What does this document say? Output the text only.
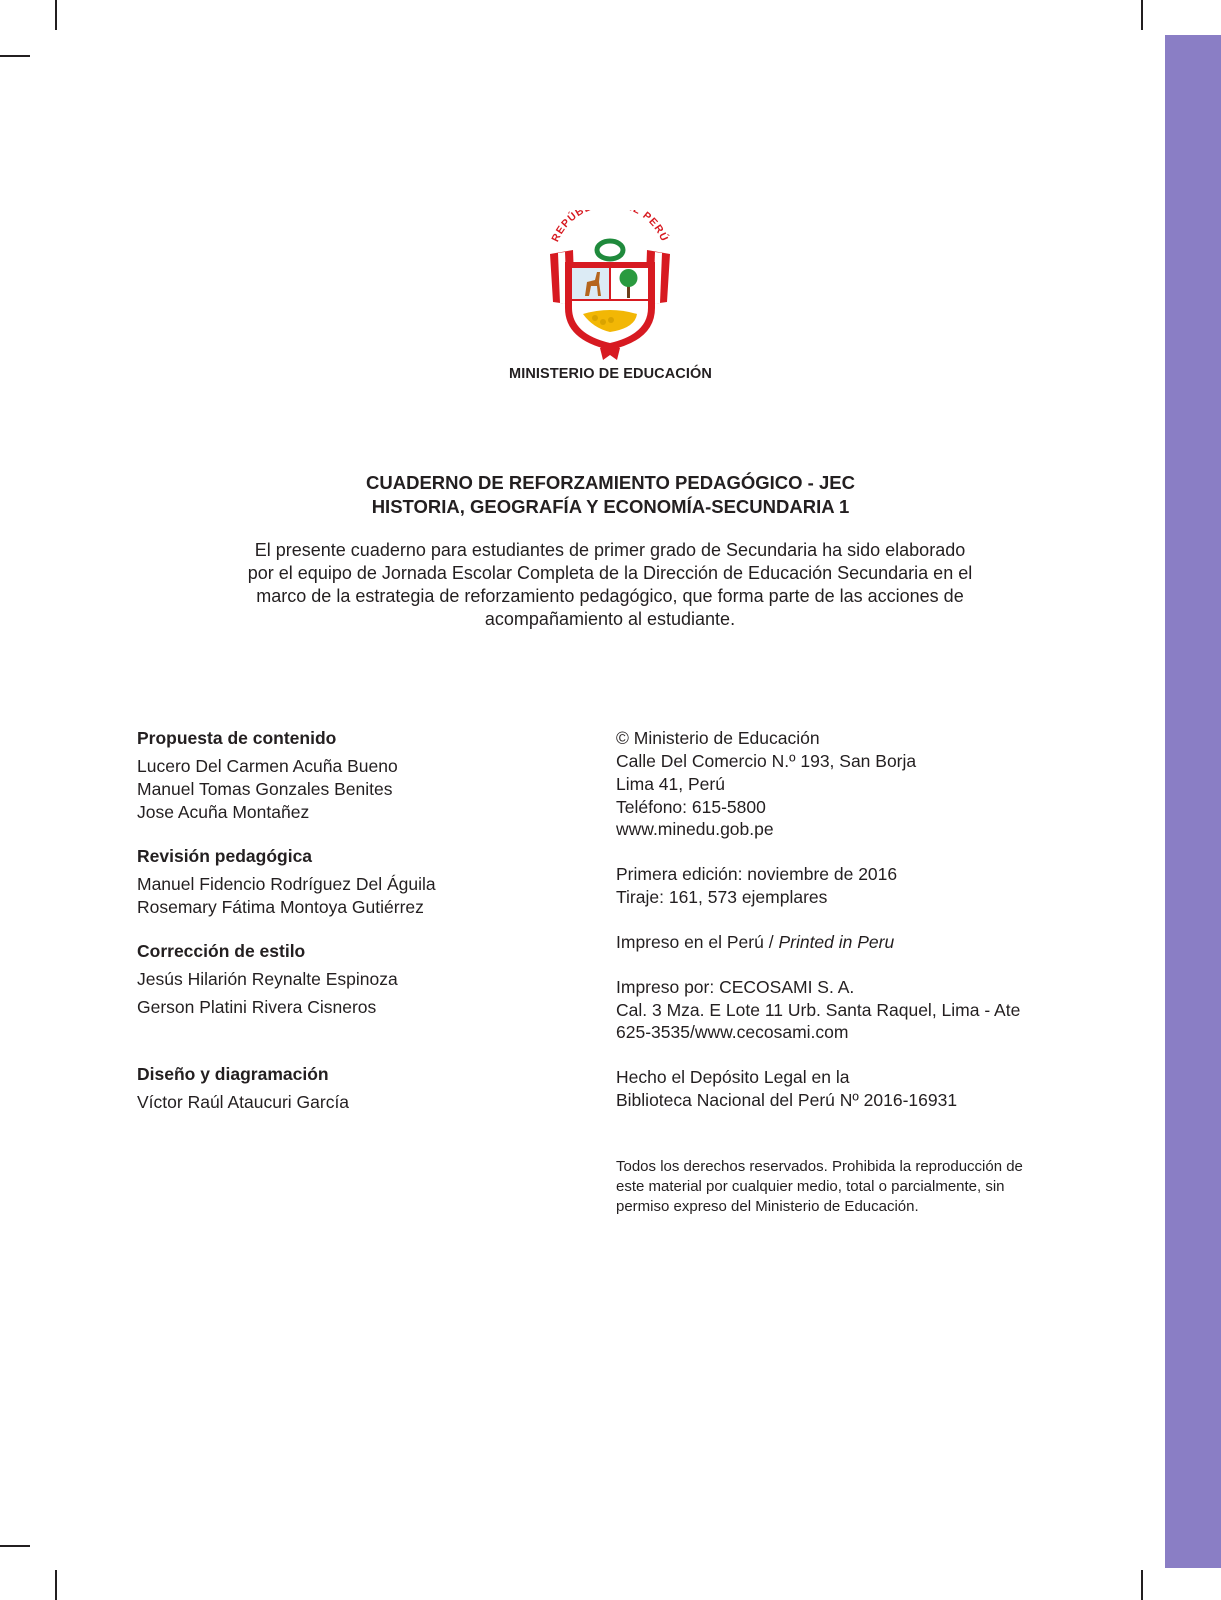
REPÚB L PERÚ
MINISTERIO DE EDUCACIÓN
CUADERNO DE REFORZAMIENTO PEDAGÓGICO - JEC
HISTORIA, GEOGRAFÍA Y ECONOMÍA-SECUNDARIA 1
El presente cuaderno para estudiantes de primer grado de Secundaria ha sido elaborado
por el equipo de Jornada Escolar Completa de la Dirección de Educación Secundaria en el
marco de la estrategia de reforzamiento pedagógico, que forma parte de las acciones de
acompañamiento al estudiante.
Propuesta de contenido
Lucero Del Carmen Acuña Bueno
Manuel Tomas Gonzales Benites
Jose Acuña Montañez
Revisión pedagógica
Manuel Fidencio Rodríguez Del Águila
Rosemary Fátima Montoya Gutiérrez
Corrección de estilo
Jesús Hilarión Reynalte Espinoza
Gerson Platini Rivera Cisneros
Diseño y diagramación
Víctor Raúl Ataucuri García
© Ministerio de Educación
Calle Del Comercio N.º 193, San Borja
Lima 41, Perú
Teléfono: 615-5800
www.minedu.gob.pe
Primera edición: noviembre de 2016
Tiraje: 161, 573 ejemplares
Impreso en el Perú / Printed in Peru
Impreso por: CECOSAMI S. A.
Cal. 3 Mza. E Lote 11 Urb. Santa Raquel, Lima - Ate
625-3535/www.cecosami.com
Hecho el Depósito Legal en la
Biblioteca Nacional del Perú Nº 2016-16931
Todos los derechos reservados. Prohibida la reproducción de
este material por cualquier medio, total o parcialmente, sin
permiso expreso del Ministerio de Educación.
